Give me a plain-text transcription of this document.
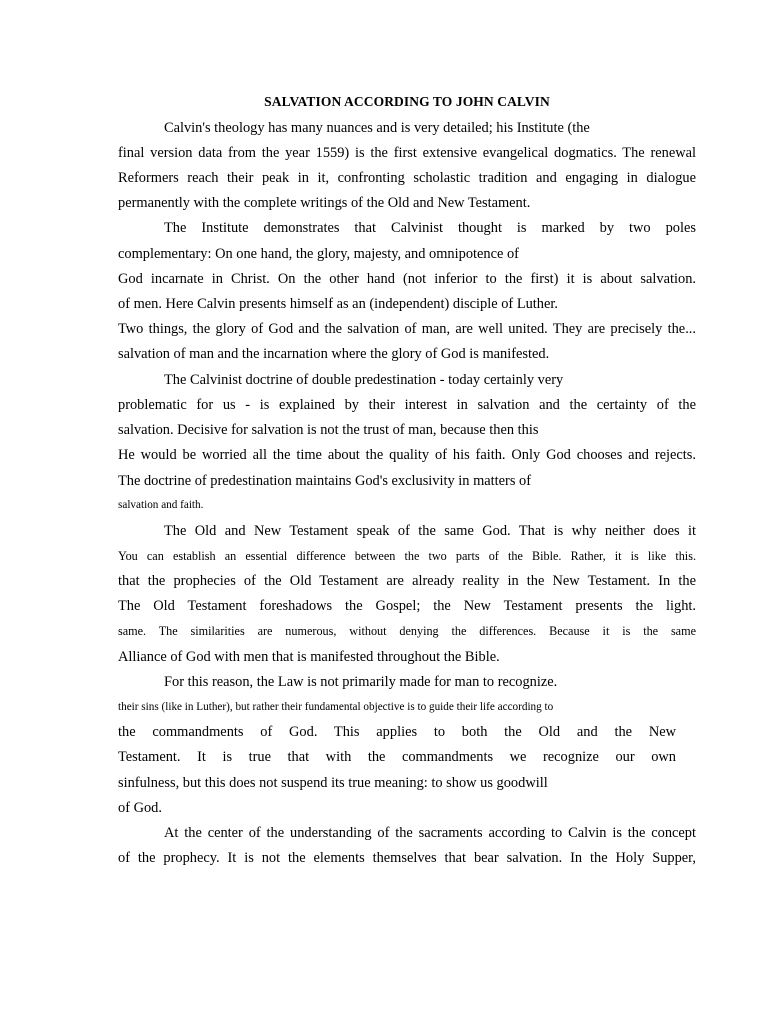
SALVATION ACCORDING TO JOHN CALVIN
Calvin's theology has many nuances and is very detailed; his Institute (the
final version data from the year 1559) is the first extensive evangelical dogmatics. The renewal
Reformers reach their peak in it, confronting scholastic tradition and engaging in dialogue
permanently with the complete writings of the Old and New Testament.
The Institute demonstrates that Calvinist thought is marked by two poles
complementary: On one hand, the glory, majesty, and omnipotence of
God incarnate in Christ. On the other hand (not inferior to the first) it is about salvation.
of men. Here Calvin presents himself as an (independent) disciple of Luther.
Two things, the glory of God and the salvation of man, are well united. They are precisely the...
salvation of man and the incarnation where the glory of God is manifested.
The Calvinist doctrine of double predestination - today certainly very
problematic for us - is explained by their interest in salvation and the certainty of the
salvation. Decisive for salvation is not the trust of man, because then this
He would be worried all the time about the quality of his faith. Only God chooses and rejects.
The doctrine of predestination maintains God's exclusivity in matters of
salvation and faith.
The Old and New Testament speak of the same God. That is why neither does it
You can establish an essential difference between the two parts of the Bible. Rather, it is like this.
that the prophecies of the Old Testament are already reality in the New Testament. In the
The Old Testament foreshadows the Gospel; the New Testament presents the light.
same. The similarities are numerous, without denying the differences. Because it is the same
Alliance of God with men that is manifested throughout the Bible.
For this reason, the Law is not primarily made for man to recognize.
their sins (like in Luther), but rather their fundamental objective is to guide their life according to
the commandments of God. This applies to both the Old and the New
Testament. It is true that with the commandments we recognize our own
sinfulness, but this does not suspend its true meaning: to show us goodwill
of God.
At the center of the understanding of the sacraments according to Calvin is the concept
of the prophecy. It is not the elements themselves that bear salvation. In the Holy Supper,
